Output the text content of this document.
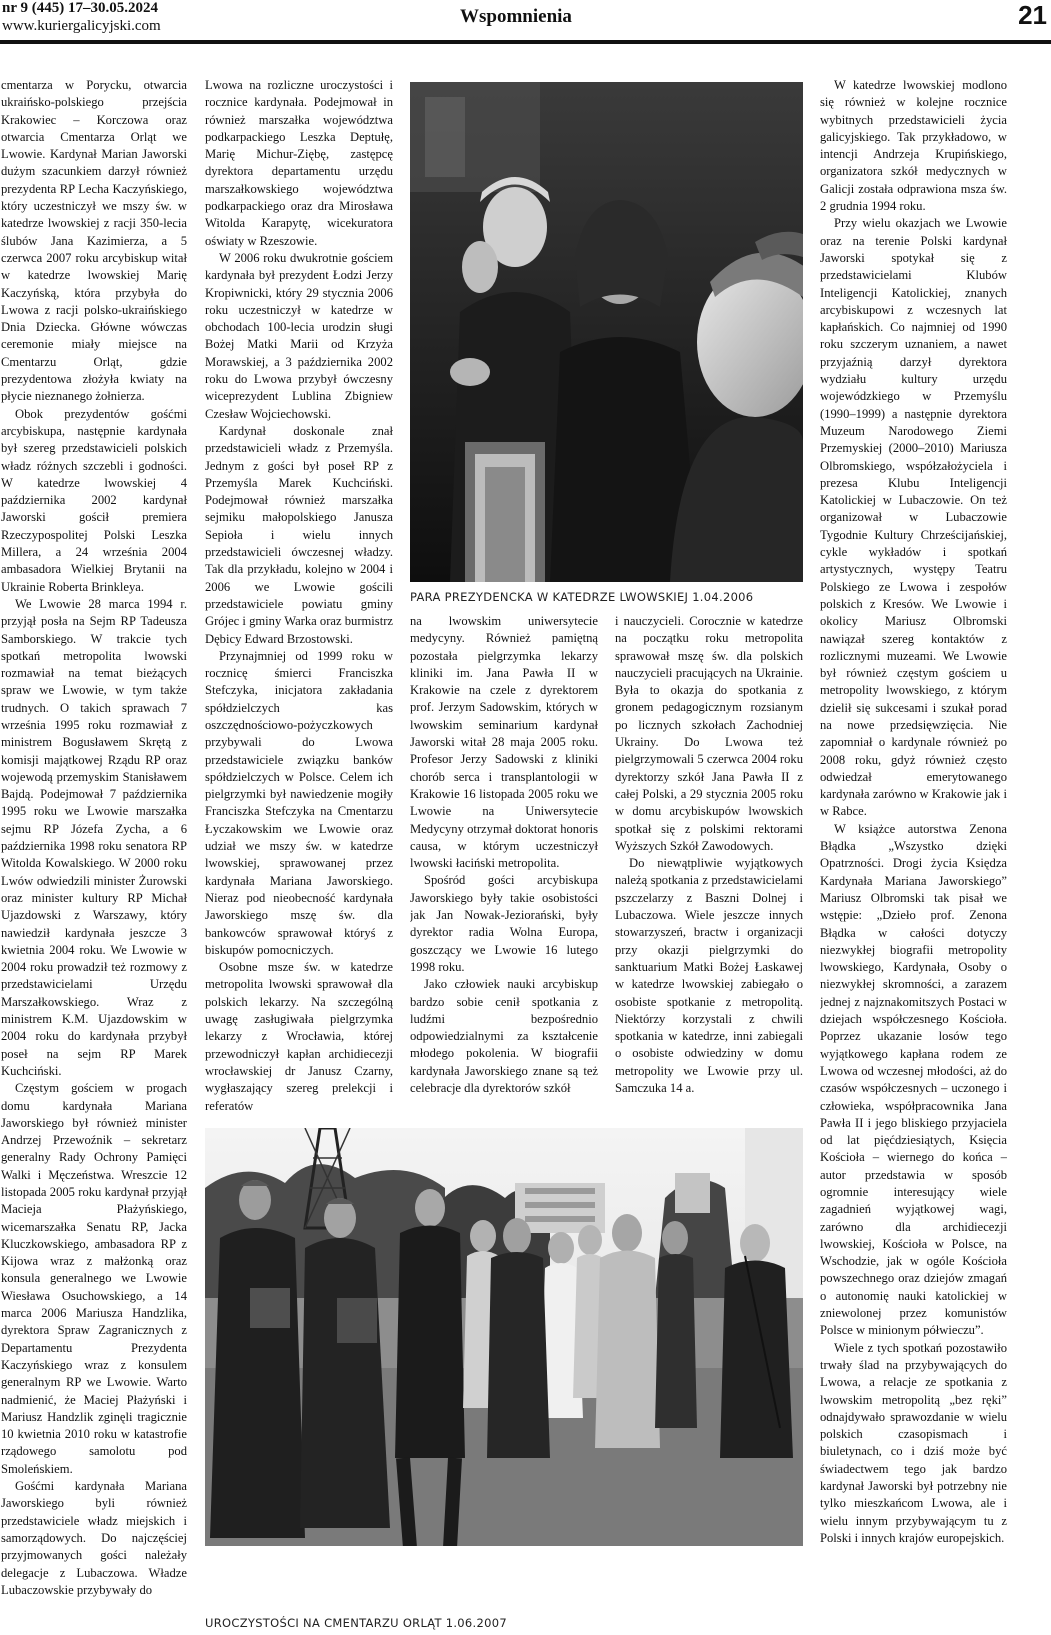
nr 9 (445) 17–30.05.2024
www.kuriergalicyjski.com	Wspomnienia	21

cmentarza w Porycku, otwarcia ukraińsko-polskiego przejścia Krakowiec – Korczowa oraz otwarcia Cmentarza Orląt we Lwowie. Kardynał Marian Jaworski dużym szacunkiem darzył również prezydenta RP Lecha Kaczyńskiego, który uczestniczył we mszy św. w katedrze lwowskiej z racji 350-lecia ślubów Jana Kazimierza, a 5 czerwca 2007 roku arcybiskup witał w katedrze lwowskiej Marię Kaczyńską, która przybyła do Lwowa z racji polsko-ukraińskiego Dnia Dziecka. Główne wówczas ceremonie miały miejsce na Cmentarzu Orląt, gdzie prezydentowa złożyła kwiaty na płycie nieznanego żołnierza.

Obok prezydentów gośćmi arcybiskupa, następnie kardynała był szereg przedstawicieli polskich władz różnych szczebli i godności. W katedrze lwowskiej 4 października 2002 kardynał Jaworski gościł premiera Rzeczypospolitej Polski Leszka Millera, a 24 września 2004 ambasadora Wielkiej Brytanii na Ukrainie Roberta Brinkleya.

We Lwowie 28 marca 1994 r. przyjął posła na Sejm RP Tadeusza Samborskiego. W trakcie tych spotkań metropolita lwowski rozmawiał na temat bieżących spraw we Lwowie, w tym także trudnych. O takich sprawach 7 września 1995 roku rozmawiał z ministrem Bogusławem Skrętą z komisji majątkowej Rządu RP oraz wojewodą przemyskim Stanisławem Bajdą. Podejmował 7 października 1995 roku we Lwowie marszałka sejmu RP Józefa Zycha, a 6 października 1998 roku senatora RP Witolda Kowalskiego. W 2000 roku Lwów odwiedzili minister Żurowski oraz minister kultury RP Michał Ujazdowski z Warszawy, który nawiedził kardynała jeszcze 3 kwietnia 2004 roku. We Lwowie w 2004 roku prowadził też rozmowy z przedstawicielami Urzędu Marszałkowskiego. Wraz z ministrem K.M. Ujazdowskim w 2004 roku do kardynała przybył poseł na sejm RP Marek Kuchciński.

Częstym gościem w progach domu kardynała Mariana Jaworskiego był również minister Andrzej Przewoźnik – sekretarz generalny Rady Ochrony Pamięci Walki i Męczeństwa. Wreszcie 12 listopada 2005 roku kardynał przyjął Macieja Płażyńskiego, wicemarszałka Senatu RP, Jacka Kluczkowskiego, ambasadora RP z Kijowa wraz z małżonką oraz konsula generalnego we Lwowie Wiesława Osuchowskiego, a 14 marca 2006 Mariusza Handzlika, dyrektora Spraw Zagranicznych z Departamentu Prezydenta Kaczyńskiego wraz z konsulem generalnym RP we Lwowie. Warto nadmienić, że Maciej Płażyński i Mariusz Handzlik zginęli tragicznie 10 kwietnia 2010 roku w katastrofie rządowego samolotu pod Smoleńskiem.

Gośćmi kardynała Mariana Jaworskiego byli również przedstawiciele władz miejskich i samorządowych. Do najczęściej przyjmowanych gości należały delegacje z Lubaczowa. Władze Lubaczowskie przybywały do

Lwowa na rozliczne uroczystości i rocznice kardynała. Podejmował in również marszałka województwa podkarpackiego Leszka Deptułę, Marię Michur-Ziębę, zastępcę dyrektora departamentu urzędu marszałkowskiego województwa podkarpackiego oraz dra Mirosława Witolda Karapytę, wicekuratora oświaty w Rzeszowie.

W 2006 roku dwukrotnie gościem kardynała był prezydent Łodzi Jerzy Kropiwnicki, który 29 stycznia 2006 roku uczestniczył w katedrze w obchodach 100-lecia urodzin sługi Bożej Matki Marii od Krzyża Morawskiej, a 3 października 2002 roku do Lwowa przybył ówczesny wiceprezydent Lublina Zbigniew Czesław Wojciechowski.

Kardynał doskonale znał przedstawicieli władz z Przemyśla. Jednym z gości był poseł RP z Przemyśla Marek Kuchciński. Podejmował również marszałka sejmiku małopolskiego Janusza Sepioła i wielu innych przedstawicieli ówczesnej władzy. Tak dla przykładu, kolejno w 2004 i 2006 we Lwowie gościli przedstawiciele powiatu gminy Grójec i gminy Warka oraz burmistrz Dębicy Edward Brzostowski.

Przynajmniej od 1999 roku w rocznicę śmierci Franciszka Stefczyka, inicjatora zakładania spółdzielczych kas oszczędnościowo-pożyczkowych przybywali do Lwowa przedstawiciele związku banków spółdzielczych w Polsce. Celem ich pielgrzymki był nawiedzenie mogiły Franciszka Stefczyka na Cmentarzu Łyczakowskim we Lwowie oraz udział we mszy św. w katedrze lwowskiej, sprawowanej przez kardynała Mariana Jaworskiego. Nieraz pod nieobecność kardynała Jaworskiego mszę św. dla bankowców sprawował któryś z biskupów pomocniczych.

Osobne msze św. w katedrze metropolita lwowski sprawował dla polskich lekarzy. Na szczególną uwagę zasługiwała pielgrzymka lekarzy z Wrocławia, której przewodniczył kapłan archidiecezji wrocławskiej dr Janusz Czarny, wygłaszający szereg prelekcji i referatów

na lwowskim uniwersytecie medycyny. Również pamiętną pozostała pielgrzymka lekarzy kliniki im. Jana Pawła II w Krakowie na czele z dyrektorem prof. Jerzym Sadowskim, których w lwowskim seminarium kardynał Jaworski witał 28 maja 2005 roku. Profesor Jerzy Sadowski z kliniki chorób serca i transplantologii w Krakowie 16 listopada 2005 roku we Lwowie na Uniwersytecie Medycyny otrzymał doktorat honoris causa, w którym uczestniczył lwowski łaciński metropolita.

Spośród gości arcybiskupa Jaworskiego były takie osobistości jak Jan Nowak-Jeziorański, były dyrektor radia Wolna Europa, goszczący we Lwowie 16 lutego 1998 roku.

Jako człowiek nauki arcybiskup bardzo sobie cenił spotkania z ludźmi bezpośrednio odpowiedzialnymi za kształcenie młodego pokolenia. W biografii kardynała Jaworskiego znane są też celebracje dla dyrektorów szkół

i nauczycieli. Corocznie w katedrze na początku roku metropolita sprawował mszę św. dla polskich nauczycieli pracujących na Ukrainie. Była to okazja do spotkania z gronem pedagogicznym rozsianym po licznych szkołach Zachodniej Ukrainy. Do Lwowa też pielgrzymowali 5 czerwca 2004 roku dyrektorzy szkół Jana Pawła II z całej Polski, a 29 stycznia 2005 roku w domu arcybiskupów lwowskich spotkał się z polskimi rektorami Wyższych Szkół Zawodowych.

Do niewątpliwie wyjątkowych należą spotkania z przedstawicielami pszczelarzy z Baszni Dolnej i Lubaczowa. Wiele jeszcze innych stowarzyszeń, bractw i organizacji przy okazji pielgrzymki do sanktuarium Matki Bożej Łaskawej w katedrze lwowskiej zabiegało o osobiste spotkanie z metropolitą. Niektórzy korzystali z chwili spotkania w katedrze, inni zabiegali o osobiste odwiedziny w domu metropolity we Lwowie przy ul. Samczuka 14 a.

W katedrze lwowskiej modlono się również w kolejne rocznice wybitnych przedstawicieli życia galicyjskiego. Tak przykładowo, w intencji Andrzeja Krupińskiego, organizatora szkół medycznych w Galicji została odprawiona msza św. 2 grudnia 1994 roku.

Przy wielu okazjach we Lwowie oraz na terenie Polski kardynał Jaworski spotykał się z przedstawicielami Klubów Inteligencji Katolickiej, znanych arcybiskupowi z wczesnych lat kapłańskich. Co najmniej od 1990 roku szczerym uznaniem, a nawet przyjaźnią darzył dyrektora wydziału kultury urzędu wojewódzkiego w Przemyślu (1990–1999) a następnie dyrektora Muzeum Narodowego Ziemi Przemyskiej (2000–2010) Mariusza Olbromskiego, współzałożyciela i prezesa Klubu Inteligencji Katolickiej w Lubaczowie. On też organizował w Lubaczowie Tygodnie Kultury Chrześcijańskiej, cykle wykładów i spotkań artystycznych, występy Teatru Polskiego ze Lwowa i zespołów polskich z Kresów. We Lwowie i okolicy Mariusz Olbromski nawiązał szereg kontaktów z rozlicznymi muzeami. We Lwowie był również częstym gościem u metropolity lwowskiego, z którym dzielił się sukcesami i szukał porad na nowe przedsięwzięcia. Nie zapomniał o kardynale również po 2008 roku, gdyż również często odwiedzał emerytowanego kardynała zarówno w Krakowie jak i w Rabce.

W książce autorstwa Zenona Błądka „Wszystko dzięki Opatrzności. Drogi życia Księdza Kardynała Mariana Jaworskiego” Mariusz Olbromski tak pisał we wstępie: „Dzieło prof. Zenona Błądka w całości dotyczy niezwykłej biografii metropolity lwowskiego, Kardynała, Osoby o niezwykłej skromności, a zarazem jednej z najznakomitszych Postaci w dziejach współczesnego Kościoła. Poprzez ukazanie losów tego wyjątkowego kapłana rodem ze Lwowa od wczesnej młodości, aż do czasów współczesnych – uczonego i człowieka, współpracownika Jana Pawła II i jego bliskiego przyjaciela od lat pięćdziesiątych, Księcia Kościoła – wiernego do końca – autor przedstawia w sposób ogromnie interesujący wiele zagadnień wyjątkowej wagi, zarówno dla archidiecezji lwowskiej, Kościoła w Polsce, na Wschodzie, jak w ogóle Kościoła powszechnego oraz dziejów zmagań o autonomię nauki katolickiej w zniewolonej przez komunistów Polsce w minionym półwieczu”.

Wiele z tych spotkań pozostawiło trwały ślad na przybywających do Lwowa, a relacje ze spotkania z lwowskim metropolitą „bez ręki” odnajdywało sprawozdanie w wielu polskich czasopismach i biuletynach, co i dziś może być świadectwem tego jak bardzo kardynał Jaworski był potrzebny nie tylko mieszkańcom Lwowa, ale i wielu innym przybywającym tu z Polski i innych krajów europejskich.

PARA PREZYDENCKA W KATEDRZE LWOWSKIEJ 1.04.2006
UROCZYSTOŚCI NA CMENTARZU ORLĄT 1.06.2007
